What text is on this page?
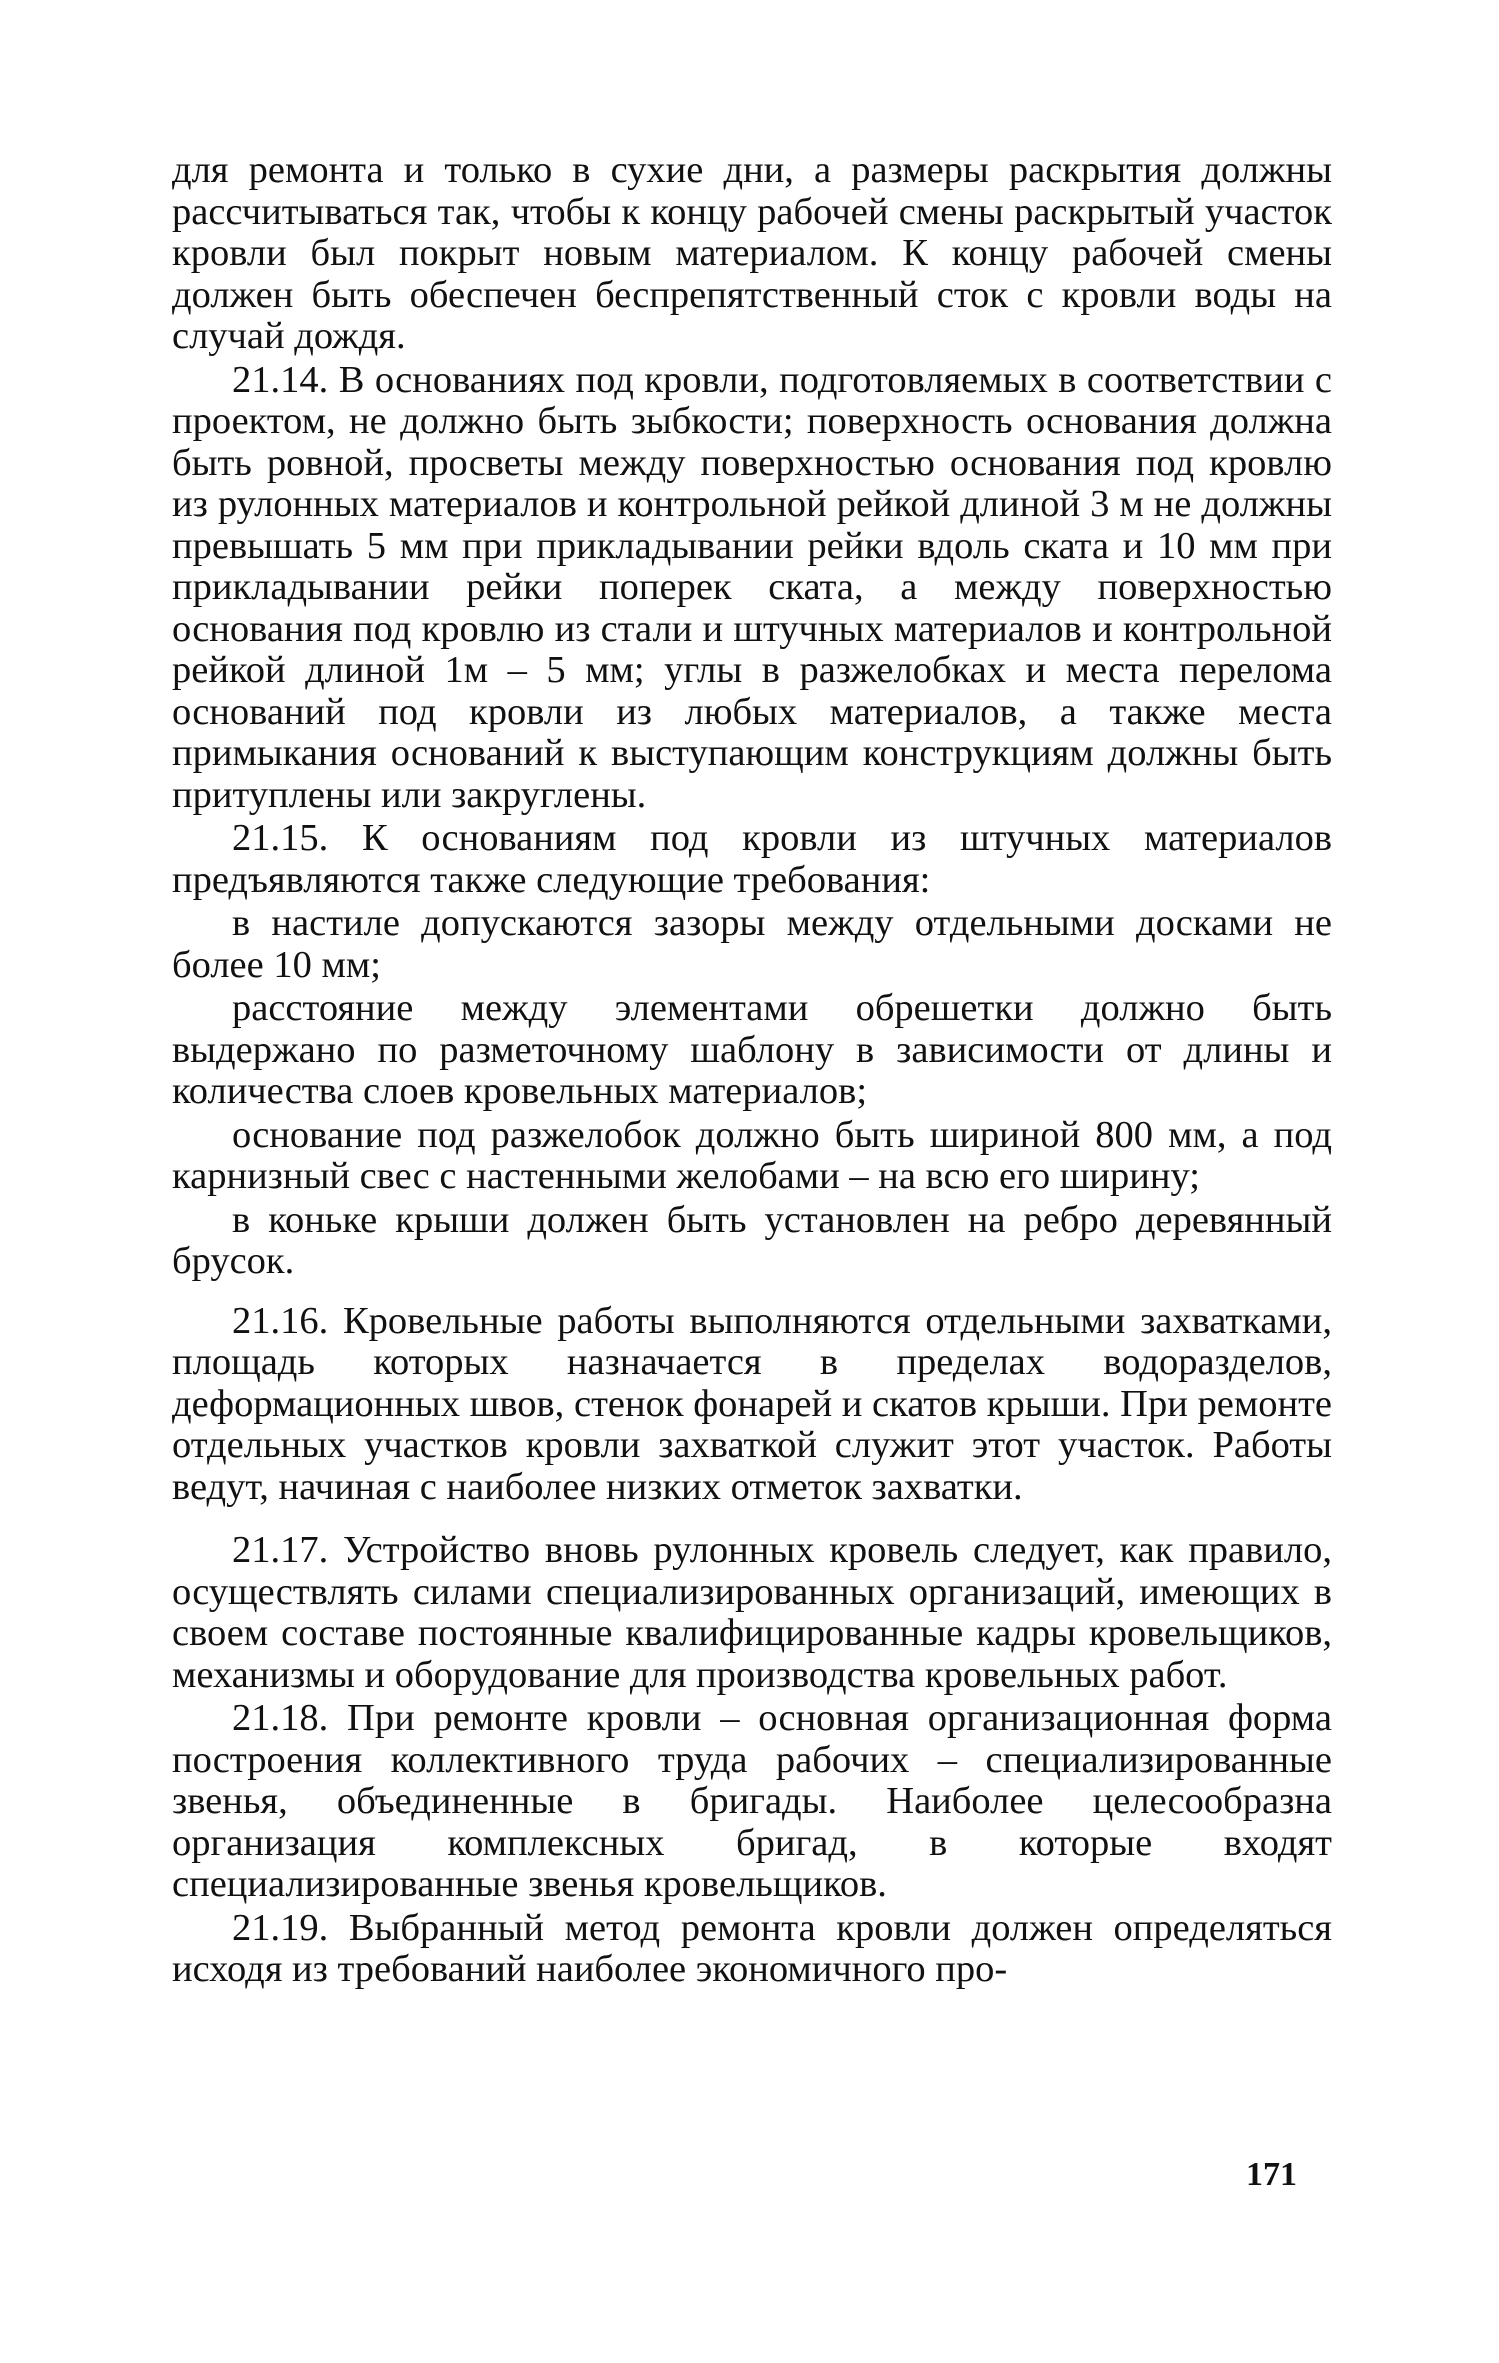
для ремонта и только в сухие дни, а размеры раскрытия должны рассчитываться так, чтобы к концу рабочей смены раскрытый участок кровли был покрыт новым материалом. К концу рабочей смены должен быть обеспечен беспрепятственный сток с кровли воды на случай дождя.

21.14. В основаниях под кровли, подготовляемых в соответствии с проектом, не должно быть зыбкости; поверхность основания должна быть ровной, просветы между поверхностью основания под кровлю из рулонных материалов и контрольной рейкой длиной 3 м не должны превышать 5 мм при прикладывании рейки вдоль ската и 10 мм при прикладывании рейки поперек ската, а между поверхностью основания под кровлю из стали и штучных материалов и контрольной рейкой длиной 1м – 5 мм; углы в разжелобках и места перелома оснований под кровли из любых материалов, а также места примыкания оснований к выступающим конструкциям должны быть притуплены или закруглены.

21.15. К основаниям под кровли из штучных материалов предъявляются также следующие требования:

в настиле допускаются зазоры между отдельными досками не более 10 мм;

расстояние между элементами обрешетки должно быть выдержано по разметочному шаблону в зависимости от длины и количества слоев кровельных материалов;

основание под разжелобок должно быть шириной 800 мм, а под карнизный свес с настенными желобами – на всю его ширину;

в коньке крыши должен быть установлен на ребро деревянный брусок.

21.16. Кровельные работы выполняются отдельными захватками, площадь которых назначается в пределах водоразделов, деформационных швов, стенок фонарей и скатов крыши. При ремонте отдельных участков кровли захваткой служит этот участок. Работы ведут, начиная с наиболее низких отметок захватки.

21.17. Устройство вновь рулонных кровель следует, как правило, осуществлять силами специализированных организаций, имеющих в своем составе постоянные квалифицированные кадры кровельщиков, механизмы и оборудование для производства кровельных работ.

21.18. При ремонте кровли – основная организационная форма построения коллективного труда рабочих – специализированные звенья, объединенные в бригады. Наиболее целесообразна организация комплексных бригад, в которые входят специализированные звенья кровельщиков.

21.19. Выбранный метод ремонта кровли должен определяться исходя из требований наиболее экономичного про-

171
